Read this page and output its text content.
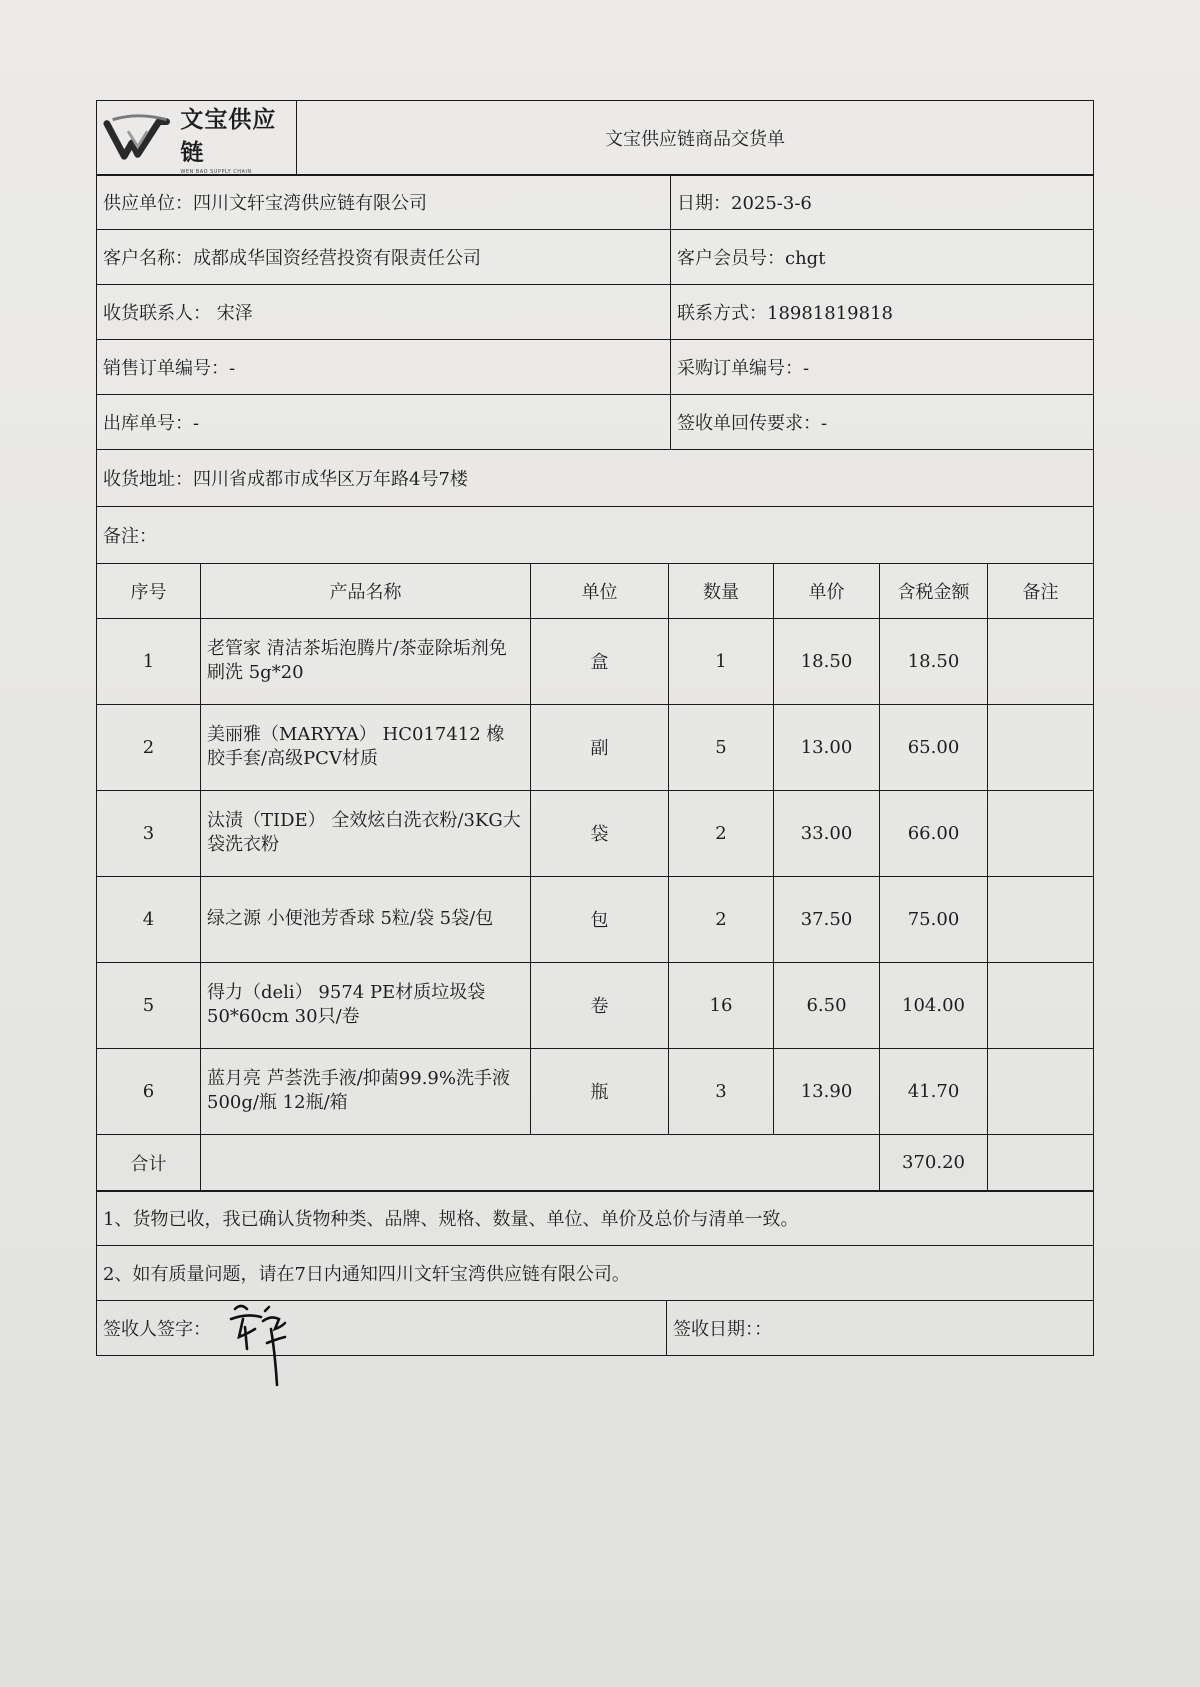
文宝供应链
WEN BAO SUPPLY CHAIN
	文宝供应链商品交货单
供应单位：四川文轩宝湾供应链有限公司	日期：2025-3-6
客户名称：成都成华国资经营投资有限责任公司	客户会员号：chgt
收货联系人： 宋泽	联系方式：18981819818
销售订单编号：-	采购订单编号：-
出库单号：-	签收单回传要求：-
收货地址：四川省成都市成华区万年路4号7楼	
备注：	
序号	产品名称	单位	数量	单价	含税金额	备注
1	老管家 清洁茶垢泡腾片/茶壶除垢剂免刷洗 5g*20	盒	1	18.50	18.50	
2	美丽雅（MARYYA） HC017412 橡胶手套/高级PCV材质	副	5	13.00	65.00	
3	汰渍（TIDE） 全效炫白洗衣粉/3KG大袋洗衣粉	袋	2	33.00	66.00	
4	绿之源 小便池芳香球 5粒/袋 5袋/包	包	2	37.50	75.00	
5	得力（deli） 9574 PE材质垃圾袋 50*60cm 30只/卷	卷	16	6.50	104.00	
6	蓝月亮 芦荟洗手液/抑菌99.9%洗手液500g/瓶 12瓶/箱	瓶	3	13.90	41.70	
合计					370.20	
1、货物已收，我已确认货物种类、品牌、规格、数量、单位、单价及总价与清单一致。
2、如有质量问题，请在7日内通知四川文轩宝湾供应链有限公司。
签收人签字：	签收日期：：
